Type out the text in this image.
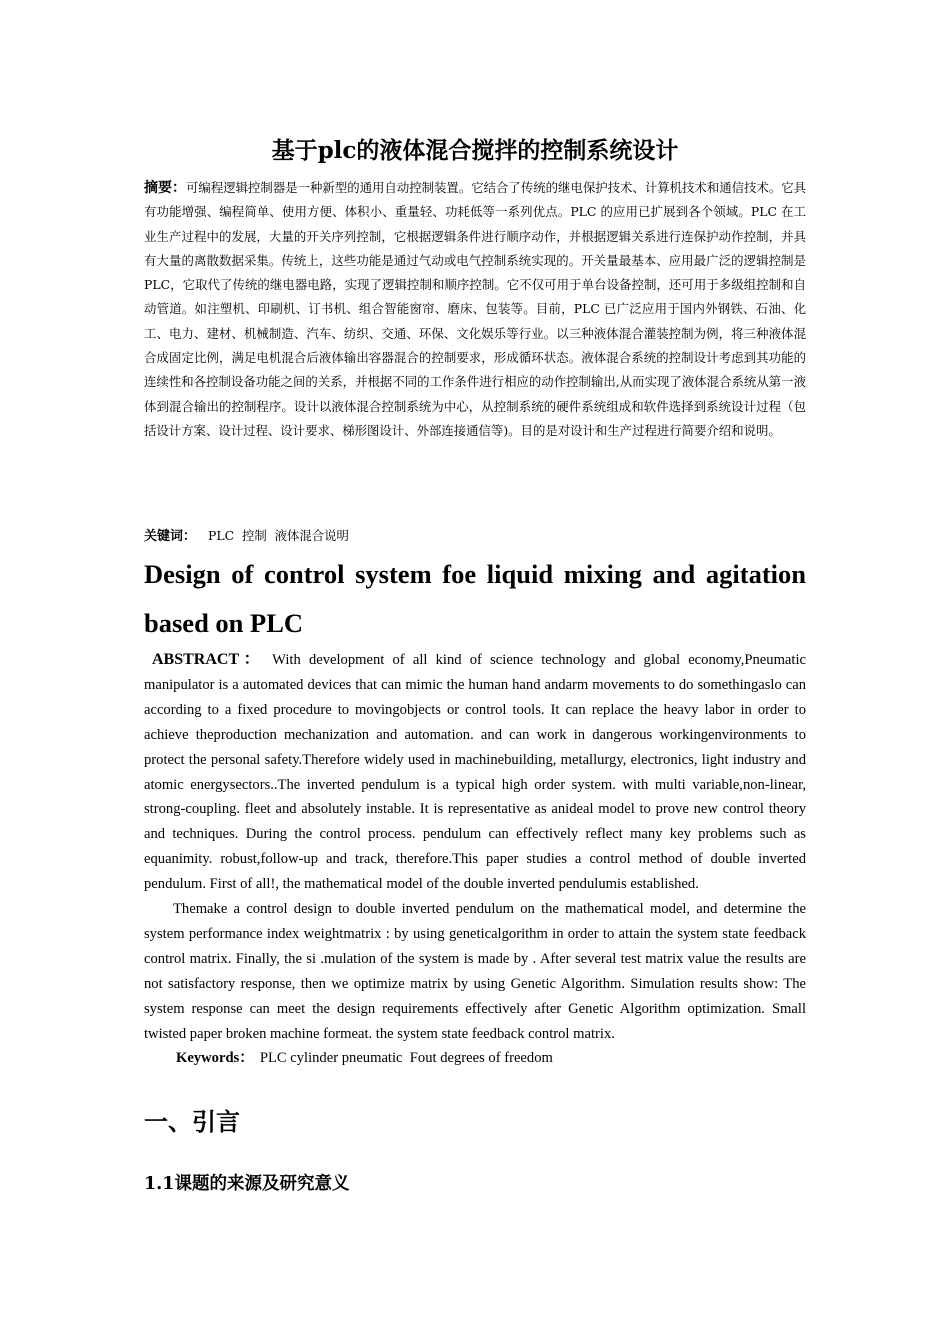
基于plc的液体混合搅拌的控制系统设计

摘要：可编程逻辑控制器是一种新型的通用自动控制装置。它结合了传统的继电保护技术、计算机技术和通信技术。它具有功能增强、编程简单、使用方便、体积小、重量轻、功耗低等一系列优点。PLC 的应用已扩展到各个领域。PLC 在工业生产过程中的发展，大量的开关序列控制，它根据逻辑条件进行顺序动作，并根据逻辑关系进行连保护动作控制，并具有大量的离散数据采集。传统上，这些功能是通过气动或电气控制系统实现的。开关量最基本、应用最广泛的逻辑控制是 PLC，它取代了传统的继电器电路，实现了逻辑控制和顺序控制。它不仅可用于单台设备控制，还可用于多级组控制和自动管道。如注塑机、印刷机、订书机、组合智能窗帘、磨床、包装等。目前，PLC 已广泛应用于国内外钢铁、石油、化工、电力、建材、机械制造、汽车、纺织、交通、环保、文化娱乐等行业。以三种液体混合灌装控制为例，将三种液体混合成固定比例，满足电机混合后液体输出容器混合的控制要求，形成循环状态。液体混合系统的控制设计考虑到其功能的连续性和各控制设备功能之间的关系，并根据不同的工作条件进行相应的动作控制输出,从而实现了液体混合系统从第一液体到混合输出的控制程序。设计以液体混合控制系统为中心，从控制系统的硬件系统组成和软件选择到系统设计过程（包括设计方案、设计过程、设计要求、梯形图设计、外部连接通信等)。目的是对设计和生产过程进行简要介绍和说明。

关键词： PLC  控制  液体混合说明

Design of control system foe liquid mixing and agitation based on PLC

ABSTRACT： With development of all kind of science technology and global economy,Pneumatic manipulator is a automated devices that can mimic the human hand andarm movements to do somethingaslo can according to a fixed procedure to movingobjects or control tools. It can replace the heavy labor in order to achieve theproduction mechanization and automation. and can work in dangerous workingenvironments to protect the personal safety.Therefore widely used in machinebuilding, metallurgy, electronics, light industry and atomic energysectors..The inverted pendulum is a typical high order system. with multi variable,non-linear, strong-coupling. fleet and absolutely instable. It is representative as anideal model to prove new control theory and techniques. During the control process. pendulum can effectively reflect many key problems such as equanimity. robust,follow-up and track, therefore.This paper studies a control method of double inverted pendulum. First of all!, the mathematical model of the double inverted pendulumis established.

Themake a control design to double inverted pendulum on the mathematical model, and determine the system performance index weightmatrix : by using geneticalgorithm in order to attain the system state feedback control matrix. Finally, the si .mulation of the system is made by . After several test matrix value the results are not satisfactory response, then we optimize matrix by using Genetic Algorithm. Simulation results show: The system response can meet the design requirements effectively after Genetic Algorithm optimization. Small twisted paper broken machine formeat. the system state feedback control matrix.

Keywords： PLC cylinder pneumatic  Fout degrees of freedom

一、引言
1.1课题的来源及研究意义
